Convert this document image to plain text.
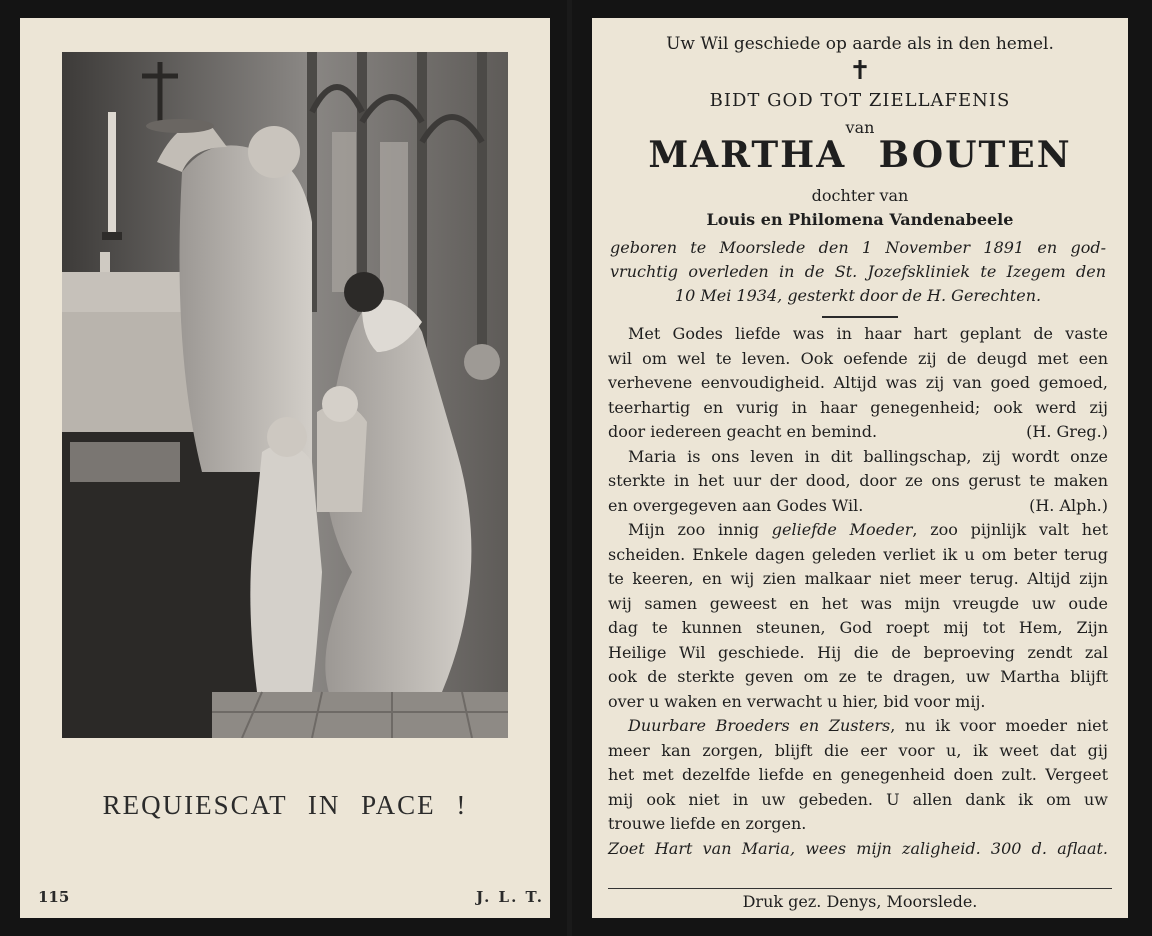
REQUIESCAT IN PACE !
115	J. L. T.
Uw Wil geschiede op aarde als in den hemel.
✝
BIDT GOD TOT ZIELLAFENIS
van
MARTHA BOUTEN
dochter van
Louis en Philomena Vandenabeele
geboren te Moorslede den 1 November 1891 en god-
vruchtig overleden in de St. Jozefskliniek te Izegem den
10 Mei 1934, gesterkt door de H. Gerechten.

Met Godes liefde was in haar hart geplant de vaste

wil om wel te leven. Ook oefende zij de deugd met een

verhevene eenvoudigheid. Altijd was zij van goed gemoed,

teerhartig en vurig in haar genegenheid; ook werd zij

door iedereen geacht en bemind.	(H. Greg.)

Maria is ons leven in dit ballingschap, zij wordt onze

sterkte in het uur der dood, door ze ons gerust te maken

en overgegeven aan Godes Wil.	(H. Alph.)

Mijn zoo innig geliefde Moeder, zoo pijnlijk valt het

scheiden. Enkele dagen geleden verliet ik u om beter terug

te keeren, en wij zien malkaar niet meer terug. Altijd zijn

wij samen geweest en het was mijn vreugde uw oude

dag te kunnen steunen, God roept mij tot Hem, Zijn

Heilige Wil geschiede. Hij die de beproeving zendt zal

ook de sterkte geven om ze te dragen, uw Martha blijft

over u waken en verwacht u hier, bid voor mij.

Duurbare Broeders en Zusters, nu ik voor moeder niet

meer kan zorgen, blijft die eer voor u, ik weet dat gij

het met dezelfde liefde en genegenheid doen zult. Vergeet

mij ook niet in uw gebeden. U allen dank ik om uw

trouwe liefde en zorgen.

Zoet Hart van Maria, wees mijn zaligheid. 300 d. aflaat.

Druk gez. Denys, Moorslede.
